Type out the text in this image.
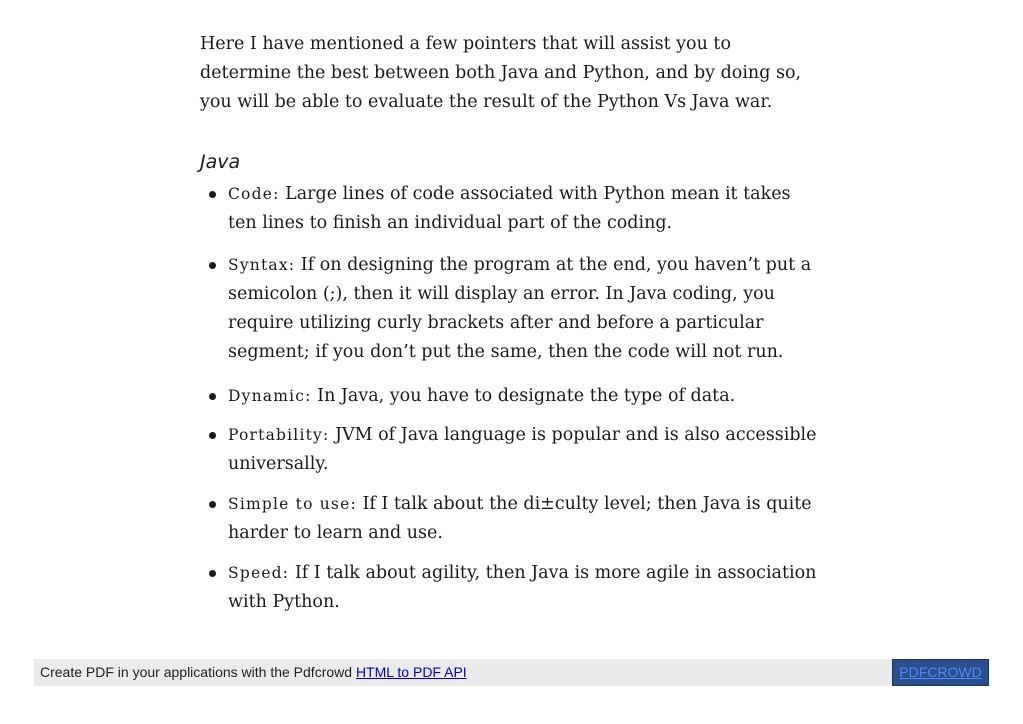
Here I have mentioned a few pointers that will assist you to determine the best between both Java and Python, and by doing so, you will be able to evaluate the result of the Python Vs Java war.

Java
Code: Large lines of code associated with Python mean it takes ten lines to finish an individual part of the coding.
Syntax: If on designing the program at the end, you haven’t put a semicolon (;), then it will display an error. In Java coding, you require utilizing curly brackets after and before a particular segment; if you don’t put the same, then the code will not run.
Dynamic: In Java, you have to designate the type of data.
Portability: JVM of Java language is popular and is also accessible universally.
Simple to use: If I talk about the di±culty level; then Java is quite harder to learn and use.
Speed: If I talk about agility, then Java is more agile in association with Python.
Create PDF in your applications with the Pdfcrowd HTML to PDF API	PDFCROWD
